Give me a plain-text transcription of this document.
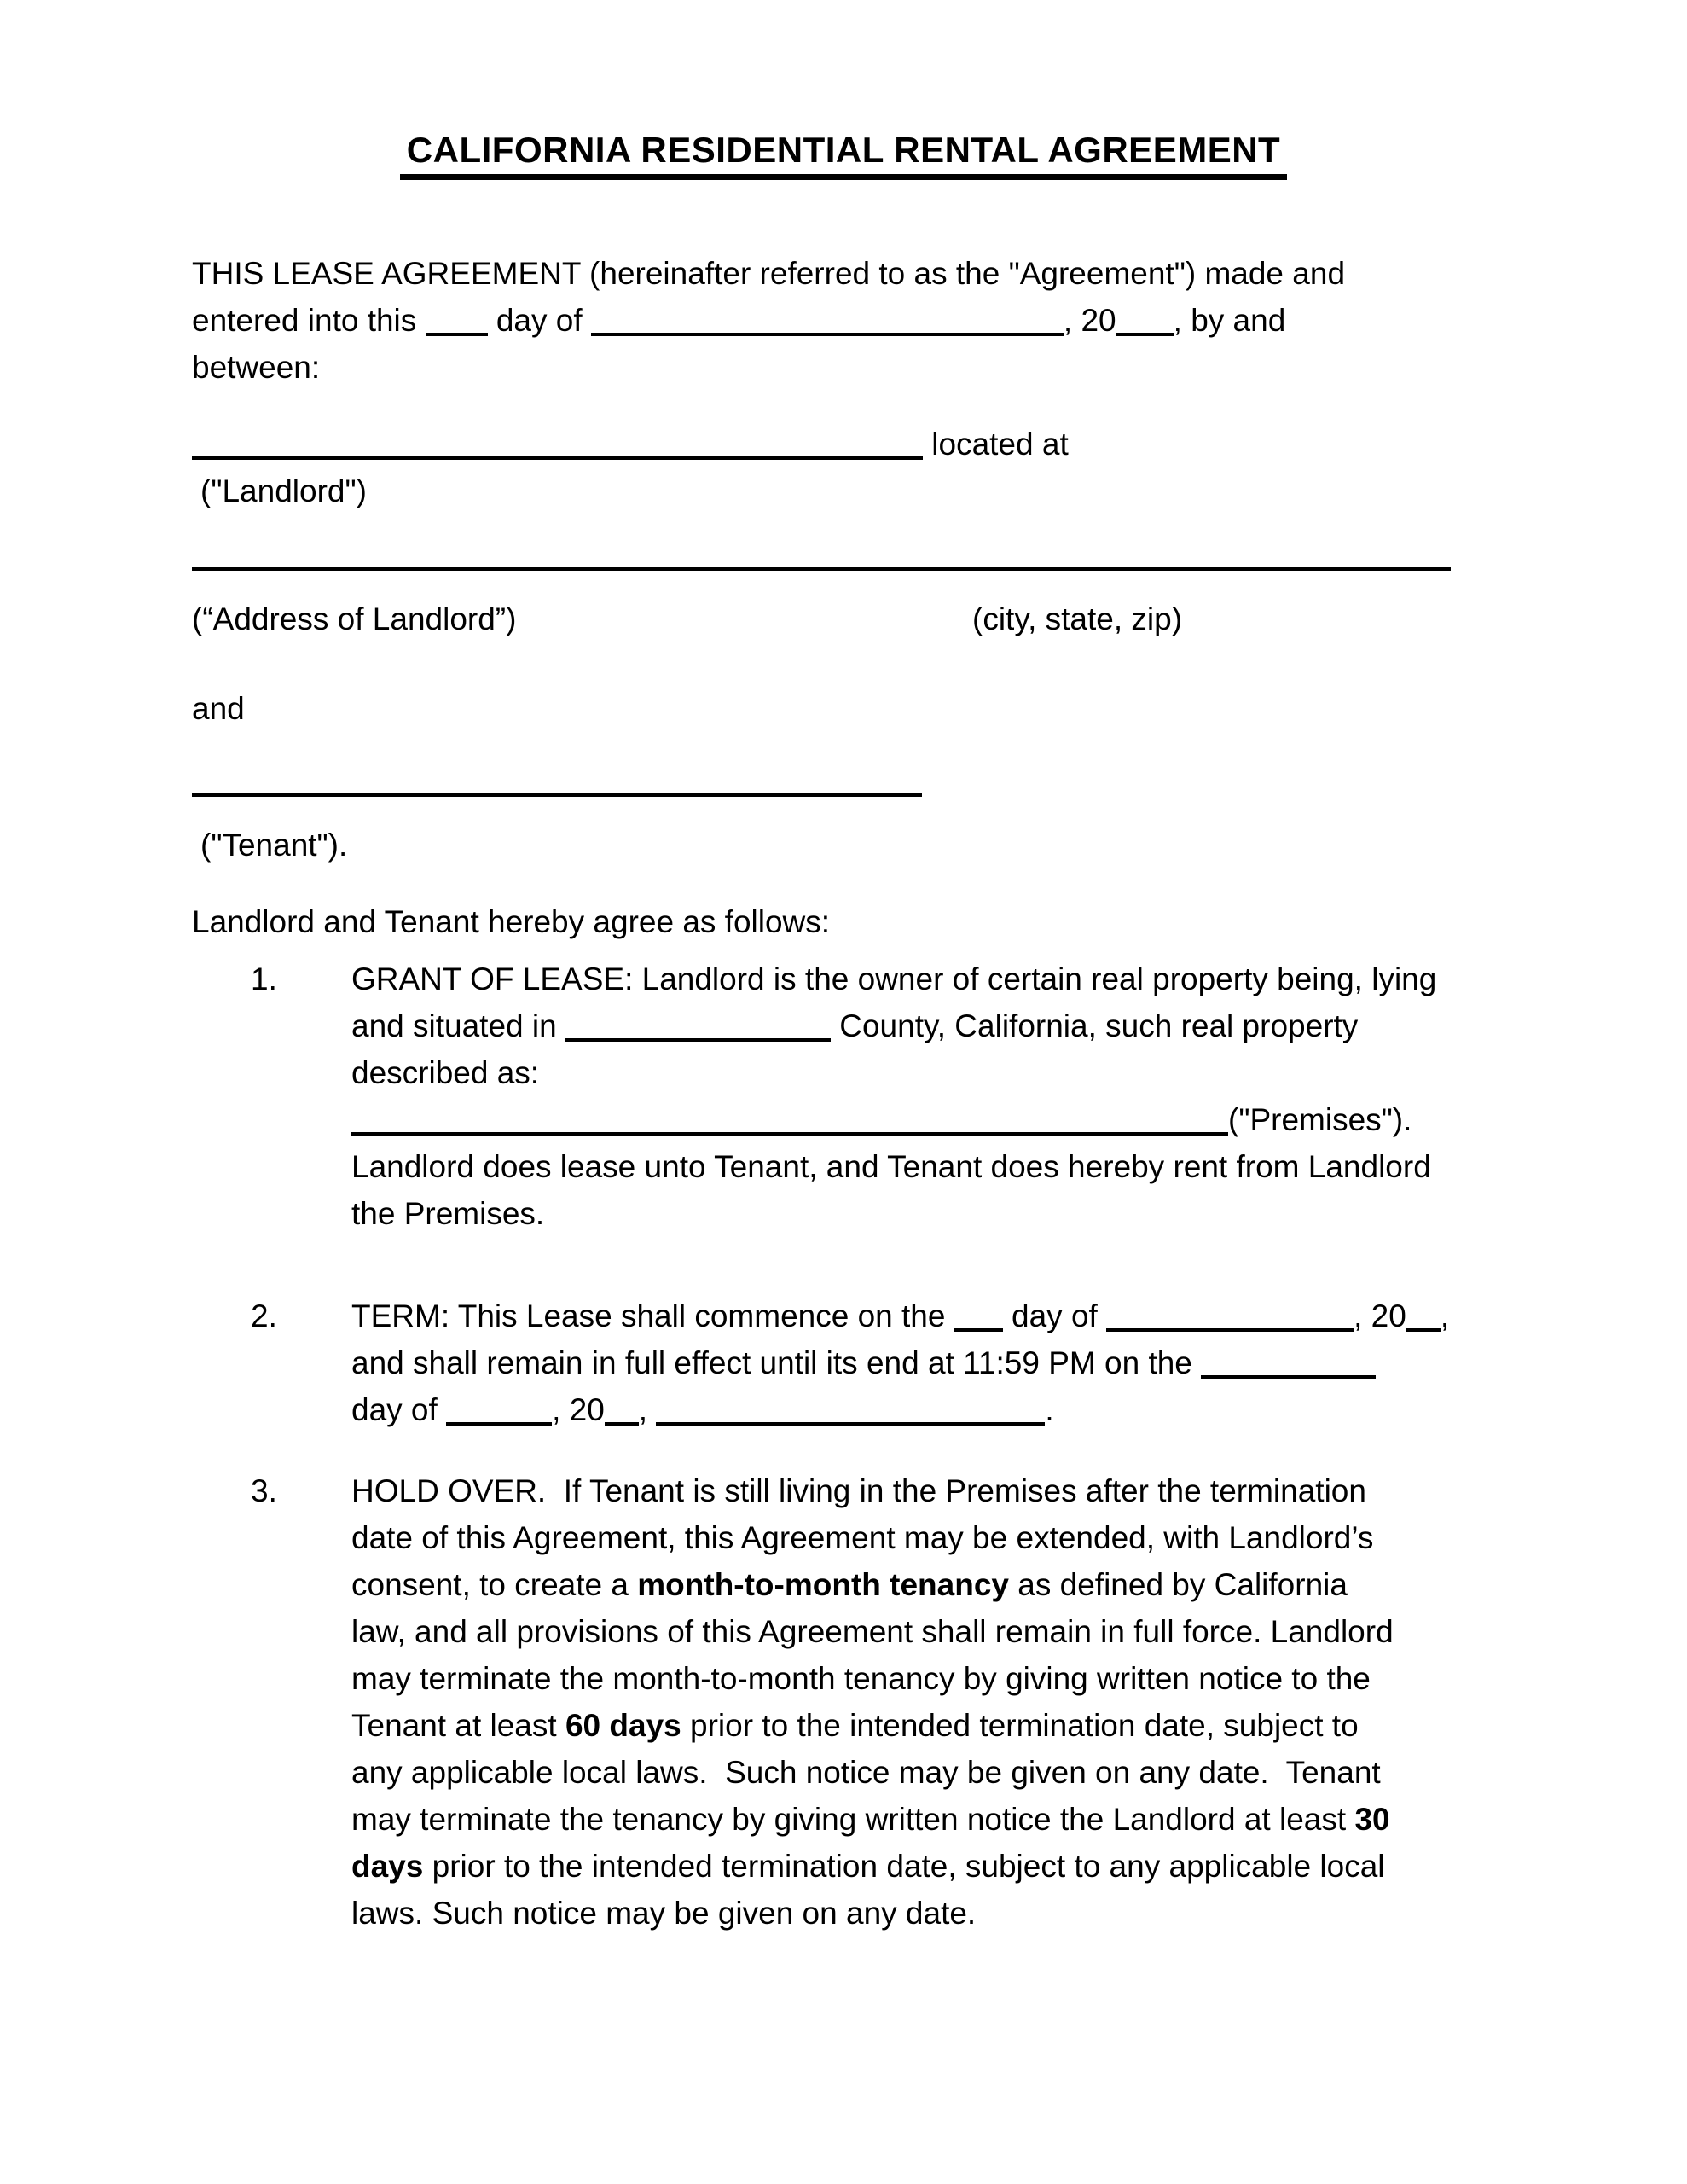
CALIFORNIA RESIDENTIAL RENTAL AGREEMENT
THIS LEASE AGREEMENT (hereinafter referred to as the "Agreement") made and
entered into this  day of	, 20 , by and
between:
located at
("Landlord")
(“Address of Landlord”)	(city, state, zip)
and
("Tenant").
Landlord and Tenant hereby agree as follows:
1.	GRANT OF LEASE: Landlord is the owner of certain real property being, lying
and situated in	County, California, such real property
described as:
("Premises").
Landlord does lease unto Tenant, and Tenant does hereby rent from Landlord
the Premises.
2.	TERM: This Lease shall commence on the  day of	, 20 ,
and shall remain in full effect until its end at 11:59 PM on the
day of	, 20 ,	.
3.	HOLD OVER.  If Tenant is still living in the Premises after the termination
date of this Agreement, this Agreement may be extended, with Landlord’s
consent, to create a month-to-month tenancy as defined by California
law, and all provisions of this Agreement shall remain in full force. Landlord
may terminate the month-to-month tenancy by giving written notice to the
Tenant at least 60 days prior to the intended termination date, subject to
any applicable local laws.  Such notice may be given on any date.  Tenant
may terminate the tenancy by giving written notice the Landlord at least 30
days prior to the intended termination date, subject to any applicable local
laws. Such notice may be given on any date.
